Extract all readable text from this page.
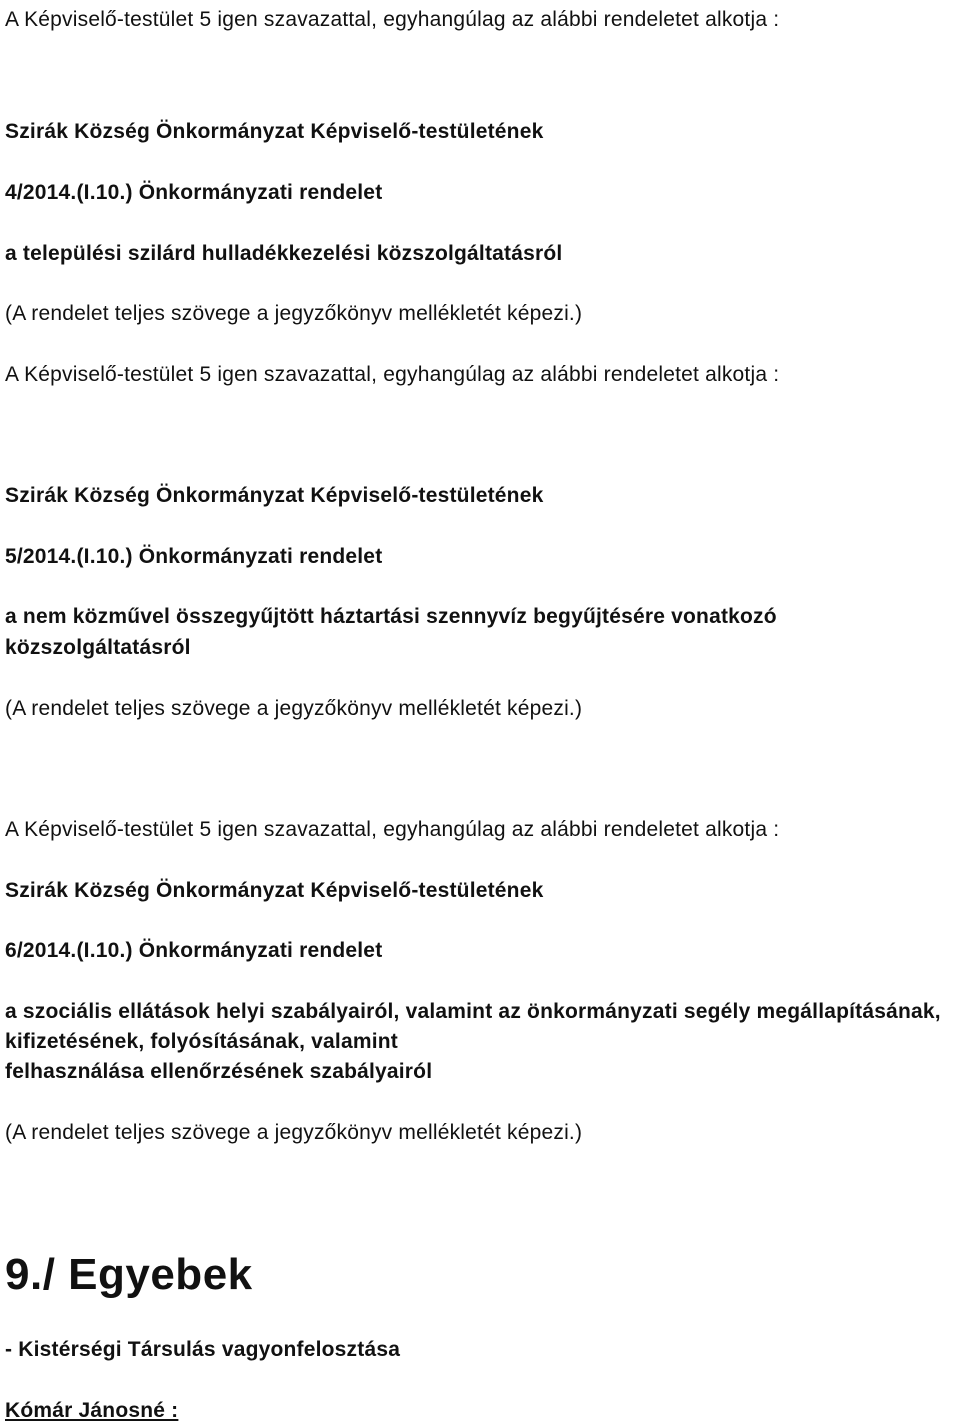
A Képviselő-testület 5 igen szavazattal, egyhangúlag az alábbi rendeletet alkotja :
Szirák Község Önkormányzat Képviselő-testületének
4/2014.(I.10.) Önkormányzati rendelet
a települési szilárd hulladékkezelési közszolgáltatásról
(A rendelet teljes szövege a jegyzőkönyv mellékletét képezi.)
A Képviselő-testület 5 igen szavazattal, egyhangúlag az alábbi rendeletet alkotja :
Szirák Község Önkormányzat Képviselő-testületének
5/2014.(I.10.) Önkormányzati rendelet
a nem közművel összegyűjtött háztartási szennyvíz begyűjtésére vonatkozó
közszolgáltatásról
(A rendelet teljes szövege a jegyzőkönyv mellékletét képezi.)
A Képviselő-testület 5 igen szavazattal, egyhangúlag az alábbi rendeletet alkotja :
Szirák Község Önkormányzat Képviselő-testületének
6/2014.(I.10.) Önkormányzati rendelet
a szociális ellátások helyi szabályairól, valamint az önkormányzati segély megállapításának,
kifizetésének, folyósításának, valamint
felhasználása ellenőrzésének szabályairól
(A rendelet teljes szövege a jegyzőkönyv mellékletét képezi.)
9./ Egyebek
- Kistérségi Társulás vagyonfelosztása
Kómár Jánosné :
